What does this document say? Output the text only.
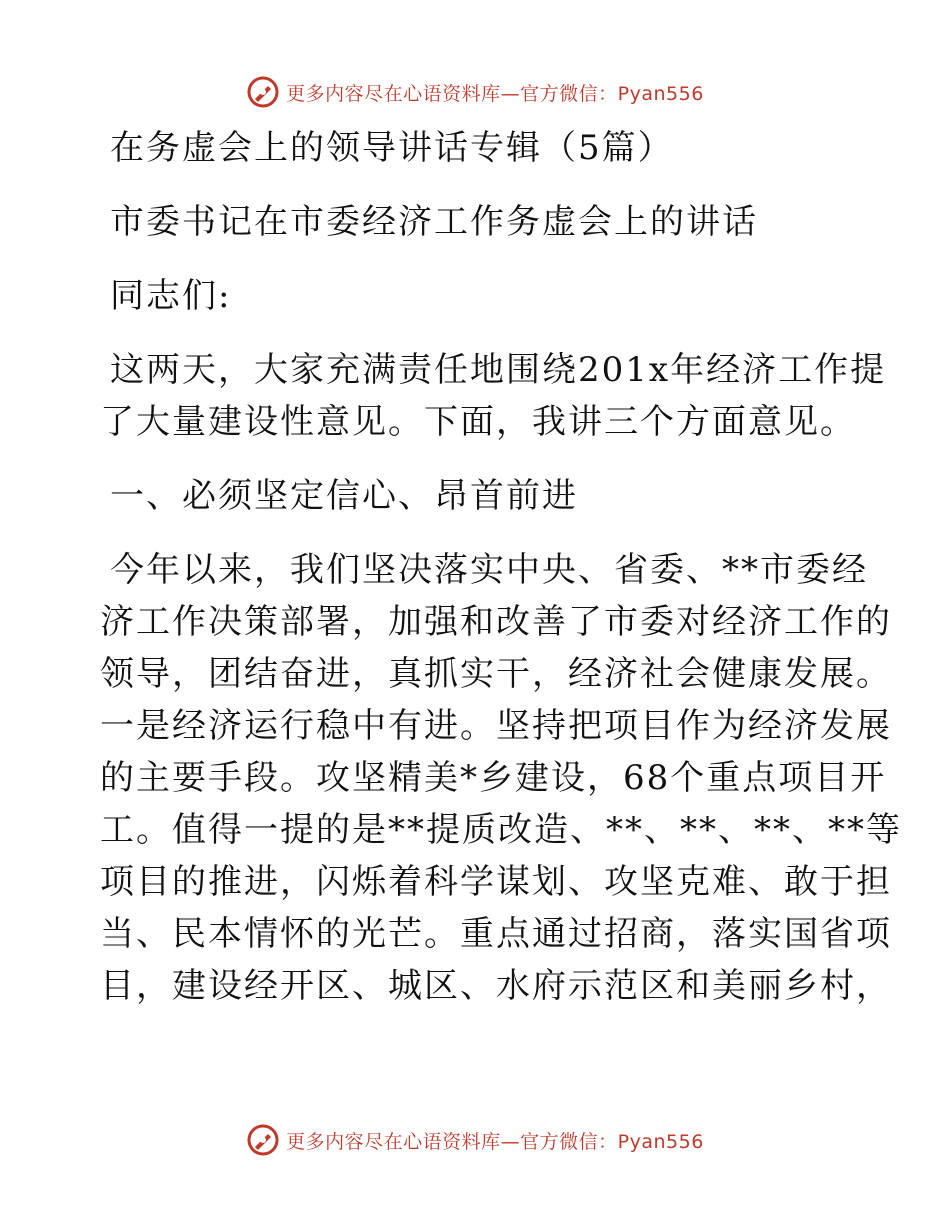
更多内容尽在心语资料库—官方微信：Pyan556
在务虚会上的领导讲话专辑（5篇）
市委书记在市委经济工作务虚会上的讲话
同志们:
这两天，大家充满责任地围绕201x年经济工作提
了大量建设性意见。下面，我讲三个方面意见。
一、必须坚定信心、昂首前进
今年以来，我们坚决落实中央、省委、**市委经
济工作决策部署，加强和改善了市委对经济工作的
领导，团结奋进，真抓实干，经济社会健康发展。
一是经济运行稳中有进。坚持把项目作为经济发展
的主要手段。攻坚精美*乡建设，68个重点项目开
工。值得一提的是**提质改造、**、**、**、**等
项目的推进，闪烁着科学谋划、攻坚克难、敢于担
当、民本情怀的光芒。重点通过招商，落实国省项
目，建设经开区、城区、水府示范区和美丽乡村，
更多内容尽在心语资料库—官方微信：Pyan556
